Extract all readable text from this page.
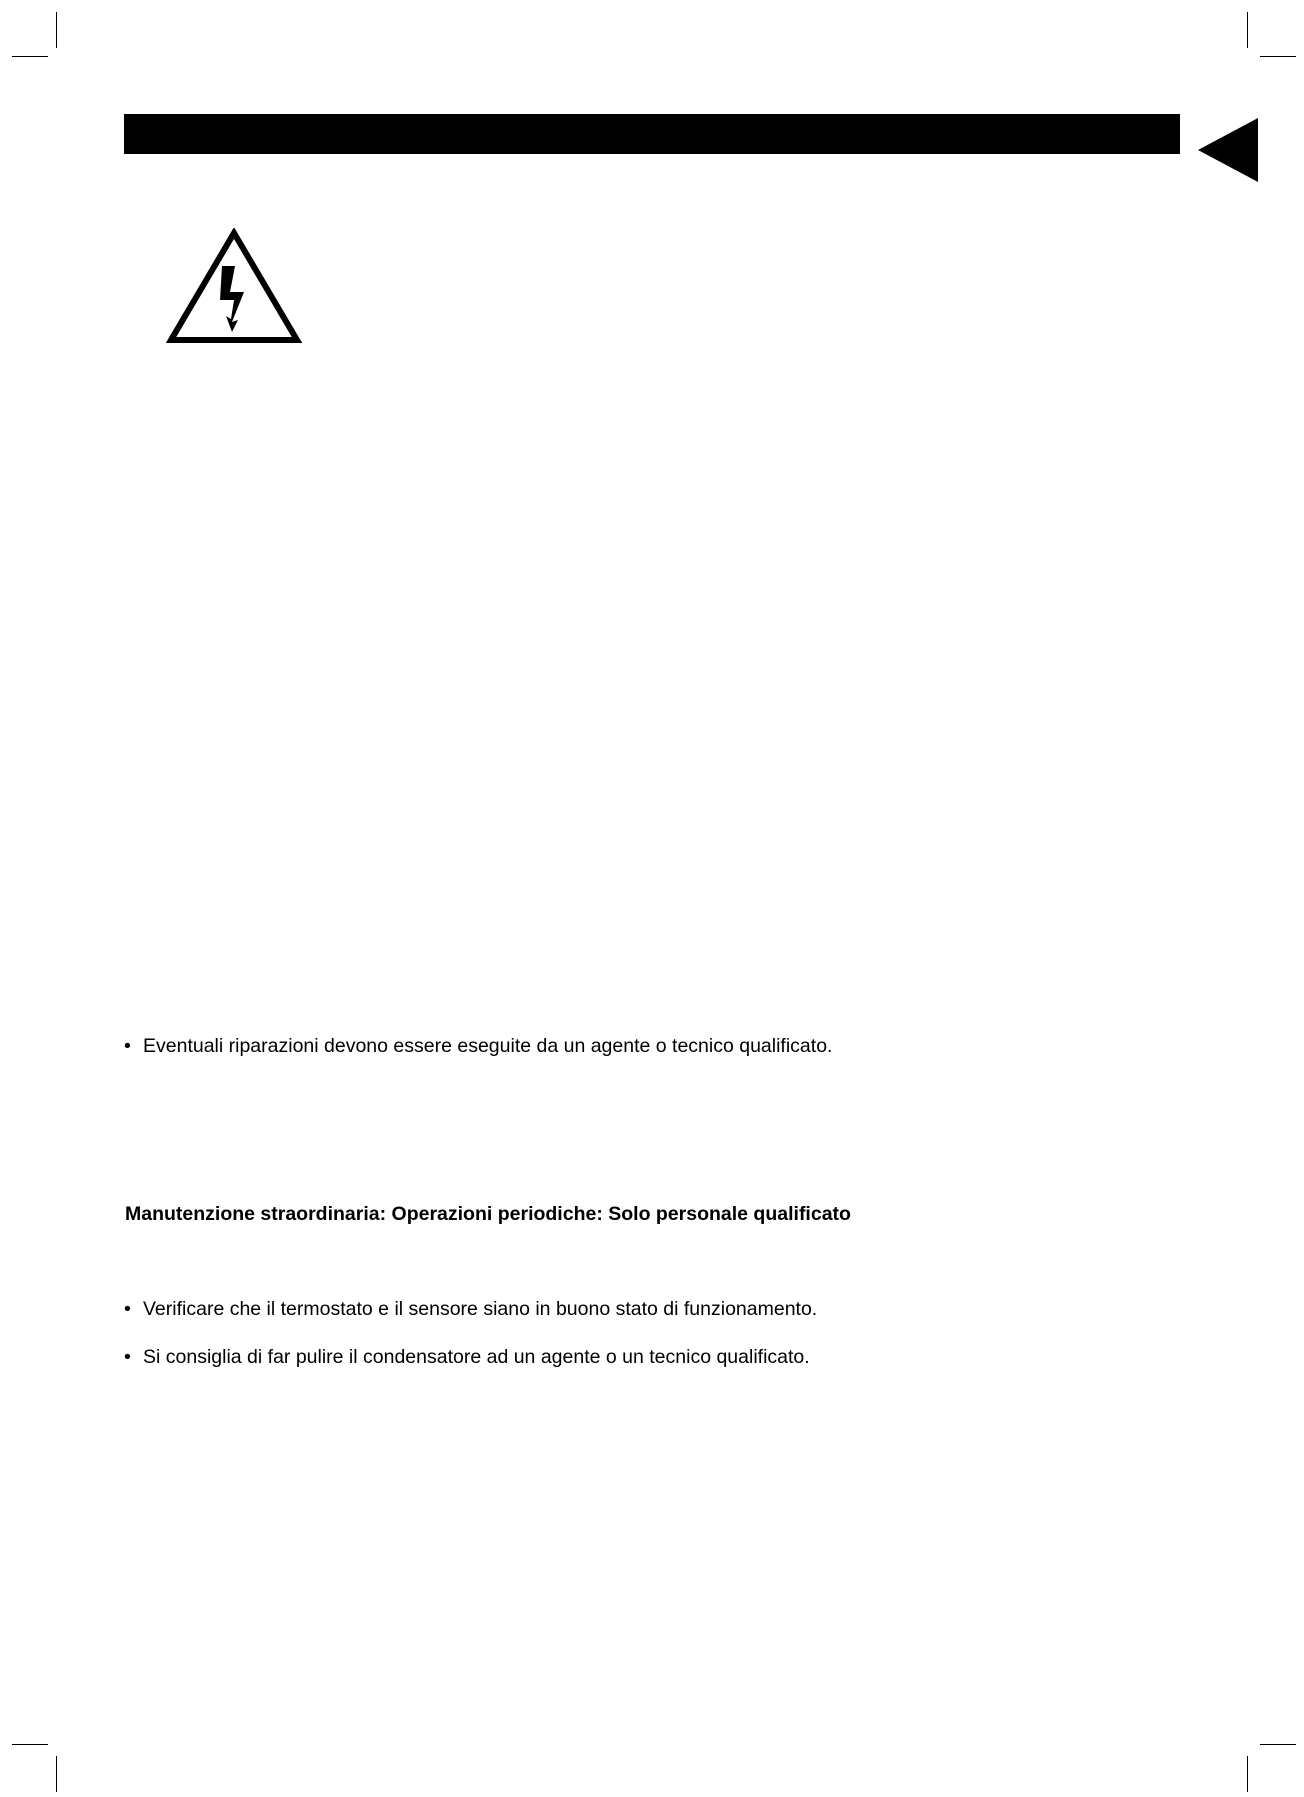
• Eventuali riparazioni devono essere eseguite da un agente o tecnico qualificato.
Manutenzione straordinaria: Operazioni periodiche: Solo personale qualificato
• Verificare che il termostato e il sensore siano in buono stato di funzionamento.
• Si consiglia di far pulire il condensatore ad un agente o un tecnico qualificato.
